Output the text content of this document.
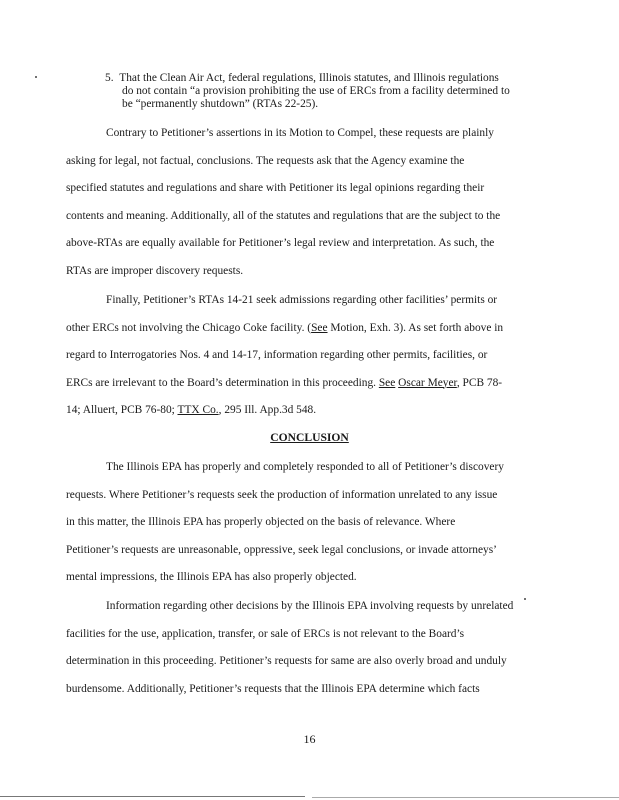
5. That the Clean Air Act, federal regulations, Illinois statutes, and Illinois regulations
do not contain “a provision prohibiting the use of ERCs from a facility determined to
be “permanently shutdown” (RTAs 22-25).
Contrary to Petitioner’s assertions in its Motion to Compel, these requests are plainly
asking for legal, not factual, conclusions. The requests ask that the Agency examine the
specified statutes and regulations and share with Petitioner its legal opinions regarding their
contents and meaning. Additionally, all of the statutes and regulations that are the subject to the
above-RTAs are equally available for Petitioner’s legal review and interpretation. As such, the
RTAs are improper discovery requests.
Finally, Petitioner’s RTAs 14-21 seek admissions regarding other facilities’ permits or
other ERCs not involving the Chicago Coke facility. (See Motion, Exh. 3). As set forth above in
regard to Interrogatories Nos. 4 and 14-17, information regarding other permits, facilities, or
ERCs are irrelevant to the Board’s determination in this proceeding. See Oscar Meyer, PCB 78-
14; Alluert, PCB 76-80; TTX Co., 295 Ill. App.3d 548.
CONCLUSION
The Illinois EPA has properly and completely responded to all of Petitioner’s discovery
requests. Where Petitioner’s requests seek the production of information unrelated to any issue
in this matter, the Illinois EPA has properly objected on the basis of relevance. Where
Petitioner’s requests are unreasonable, oppressive, seek legal conclusions, or invade attorneys’
mental impressions, the Illinois EPA has also properly objected.
Information regarding other decisions by the Illinois EPA involving requests by unrelated
facilities for the use, application, transfer, or sale of ERCs is not relevant to the Board’s
determination in this proceeding. Petitioner’s requests for same are also overly broad and unduly
burdensome. Additionally, Petitioner’s requests that the Illinois EPA determine which facts
16
